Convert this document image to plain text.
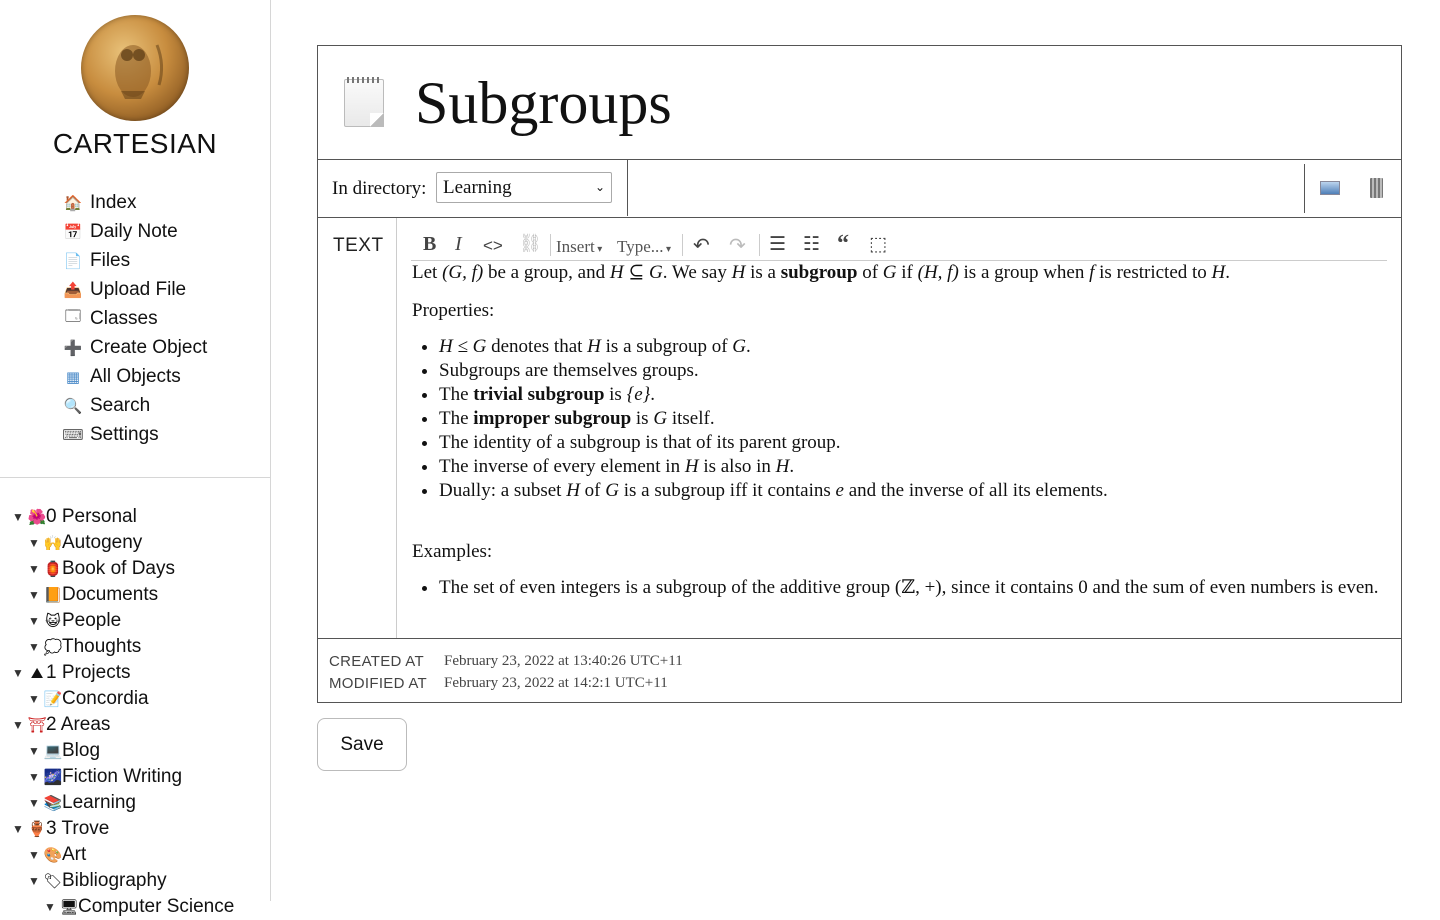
CARTESIAN
🏠 Index
📅 Daily Note
📄 Files
📤 Upload File
🗔 Classes
➕ Create Object
▦ All Objects
🔍 Search
⌨ Settings
▼ 🌺 0 Personal
▼ 🙌 Autogeny
▼ 🏮 Book of Days
▼ 📙 Documents
▼ 😺 People
▼ 💭 Thoughts
▼ ⛰ 1 Projects
▼ 📝 Concordia
▼ ⛩ 2 Areas
▼ 💻 Blog
▼ 🌌 Fiction Writing
▼ 📚 Learning
▼ 🏺 3 Trove
▼ 🎨 Art
▼ 🏷 Bibliography
▼ 🖥 Computer Science
Subgroups
In directory: Learning	⌄
TEXT B I <> ⛓ Insert ▾ Type... ▾ ↶ ↷ ☰ ☷ “ ⬚

Let (G, f) be a group, and H ⊆ G. We say H is a subgroup of G if (H, f) is a group when f is restricted to H.

Properties:

• H ≤ G denotes that H is a subgroup of G.
• Subgroups are themselves groups.
• The trivial subgroup is {e}.
• The improper subgroup is G itself.
• The identity of a subgroup is that of its parent group.
• The inverse of every element in H is also in H.
• Dually: a subset H of G is a subgroup iff it contains e and the inverse of all its elements.

Examples:

• The set of even integers is a subgroup of the additive group (ℤ, +), since it contains 0 and the sum of even numbers is even.
CREATED AT February 23, 2022 at 13:40:26 UTC+11
MODIFIED AT February 23, 2022 at 14:2:1 UTC+11
Save
